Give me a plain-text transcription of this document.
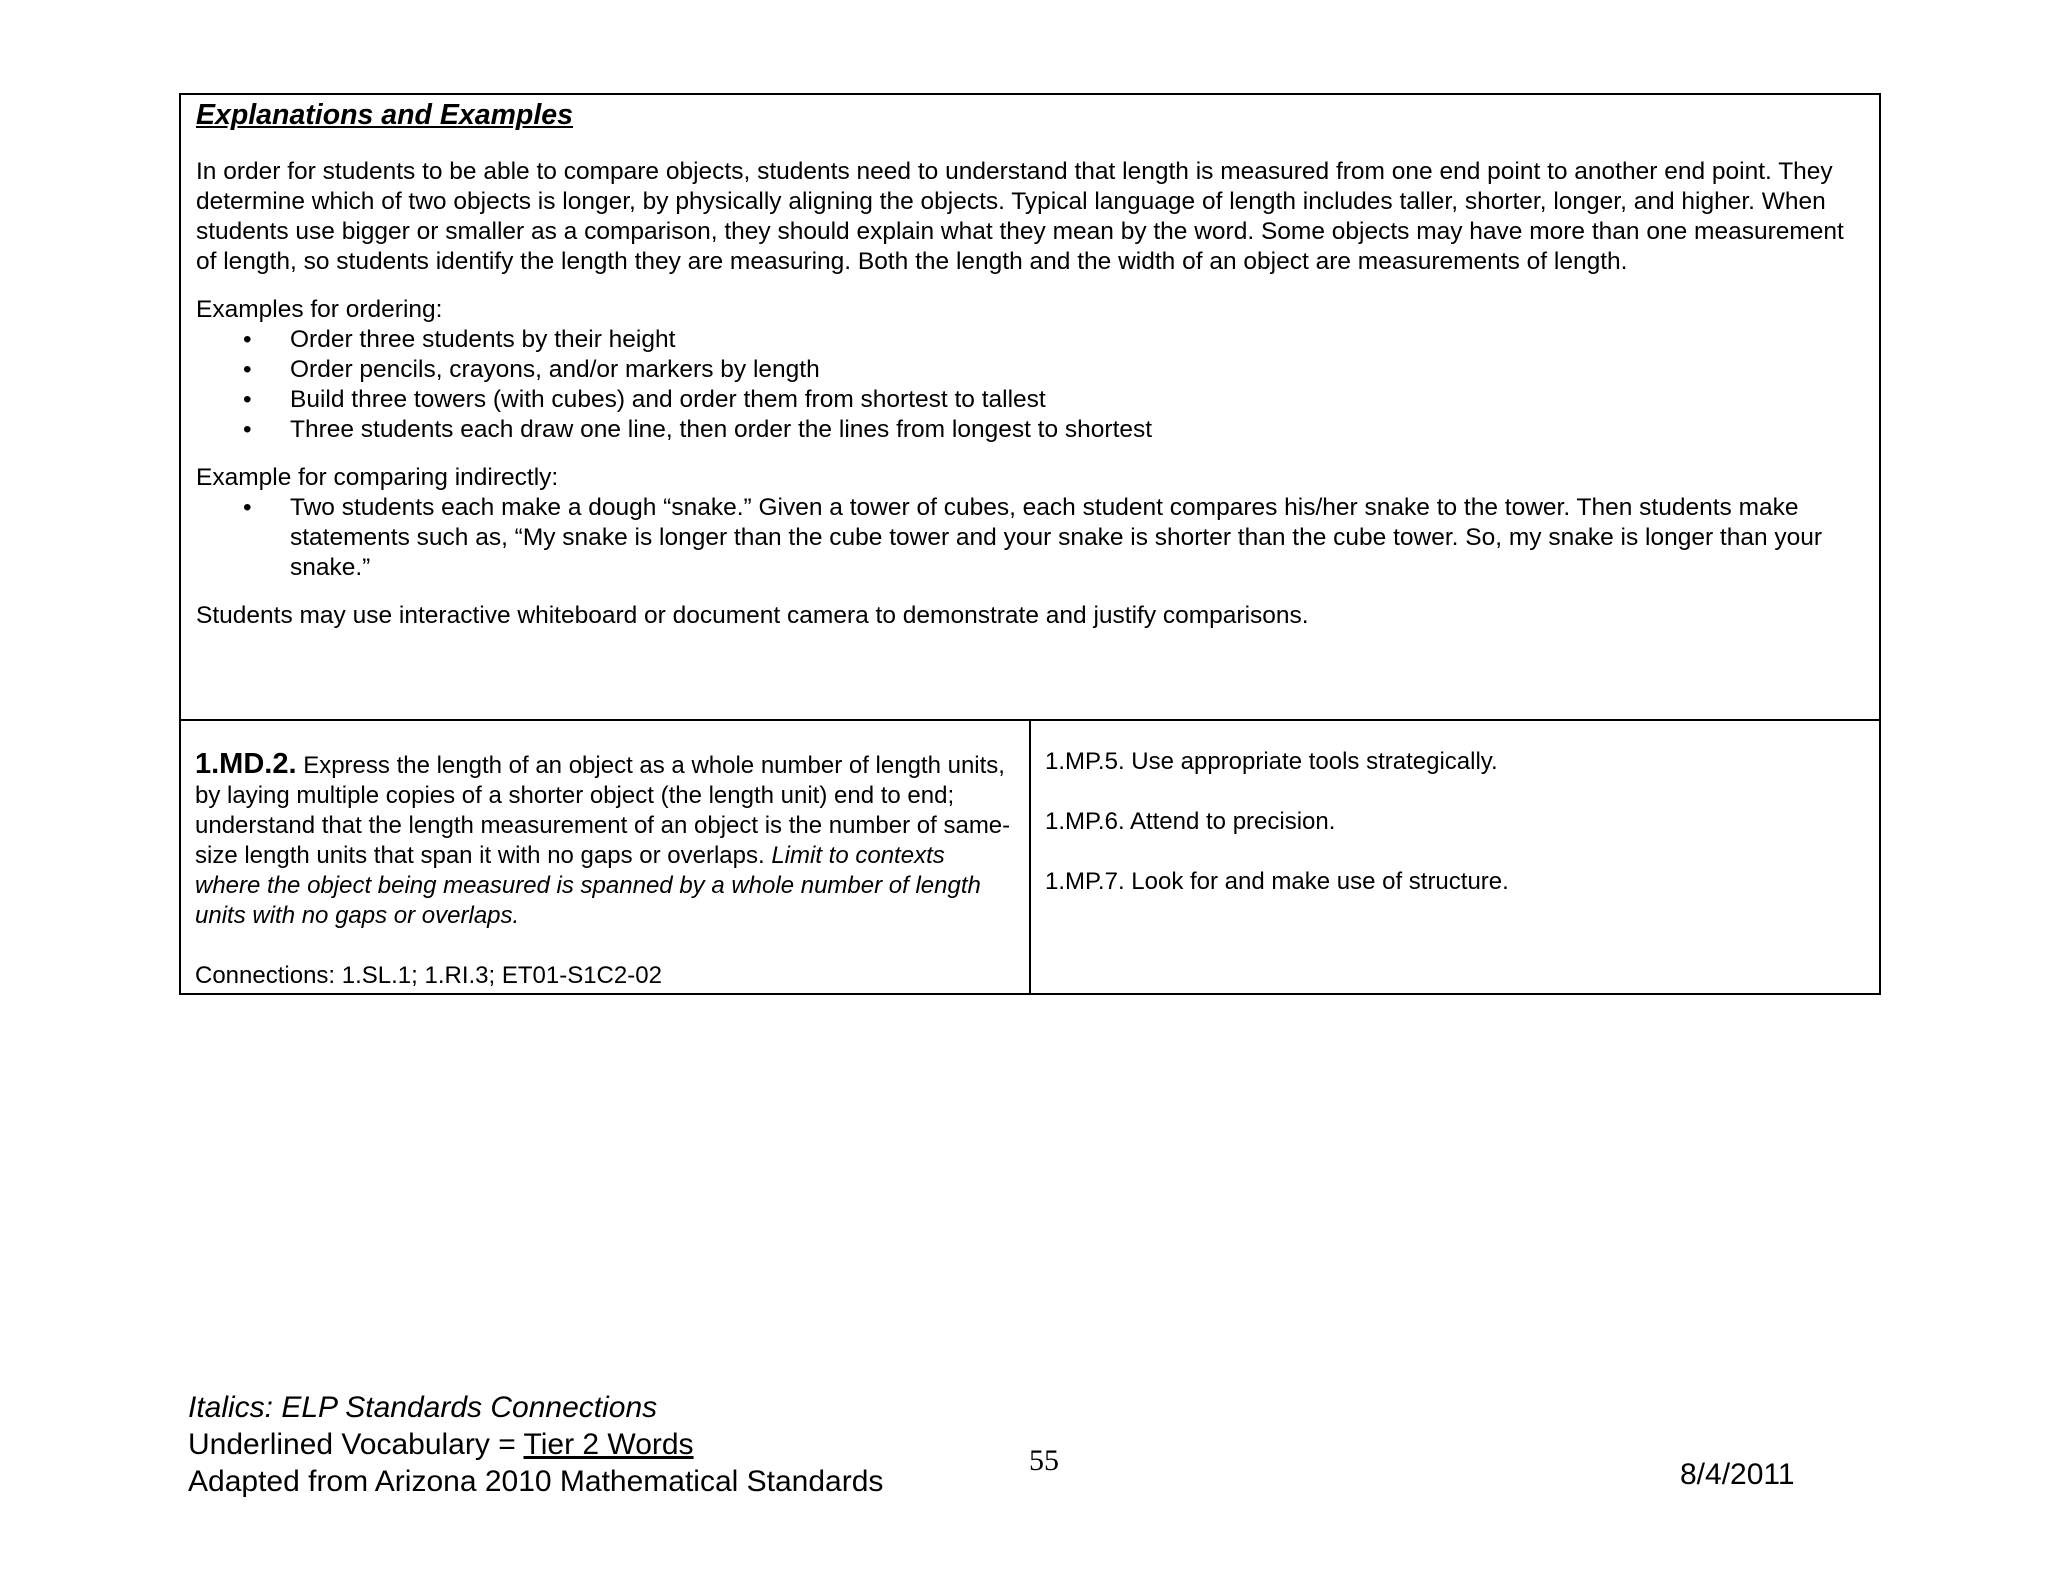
Explanations and Examples
In order for students to be able to compare objects, students need to understand that length is measured from one end point to another end point. They determine which of two objects is longer, by physically aligning the objects. Typical language of length includes taller, shorter, longer, and higher. When students use bigger or smaller as a comparison, they should explain what they mean by the word. Some objects may have more than one measurement of length, so students identify the length they are measuring. Both the length and the width of an object are measurements of length.
Examples for ordering:
• Order three students by their height
• Order pencils, crayons, and/or markers by length
• Build three towers (with cubes) and order them from shortest to tallest
• Three students each draw one line, then order the lines from longest to shortest
Example for comparing indirectly:
• Two students each make a dough “snake.” Given a tower of cubes, each student compares his/her snake to the tower. Then students make statements such as, “My snake is longer than the cube tower and your snake is shorter than the cube tower. So, my snake is longer than your snake.”
Students may use interactive whiteboard or document camera to demonstrate and justify comparisons.

1.MD.2. Express the length of an object as a whole number of length units, by laying multiple copies of a shorter object (the length unit) end to end; understand that the length measurement of an object is the number of same-size length units that span it with no gaps or overlaps. Limit to contexts where the object being measured is spanned by a whole number of length units with no gaps or overlaps.
Connections: 1.SL.1; 1.RI.3; ET01-S1C2-02

1.MP.5. Use appropriate tools strategically.
1.MP.6. Attend to precision.
1.MP.7. Look for and make use of structure.
Italics: ELP Standards Connections
Underlined Vocabulary = Tier 2 Words
Adapted from Arizona 2010 Mathematical Standards
55	8/4/2011
